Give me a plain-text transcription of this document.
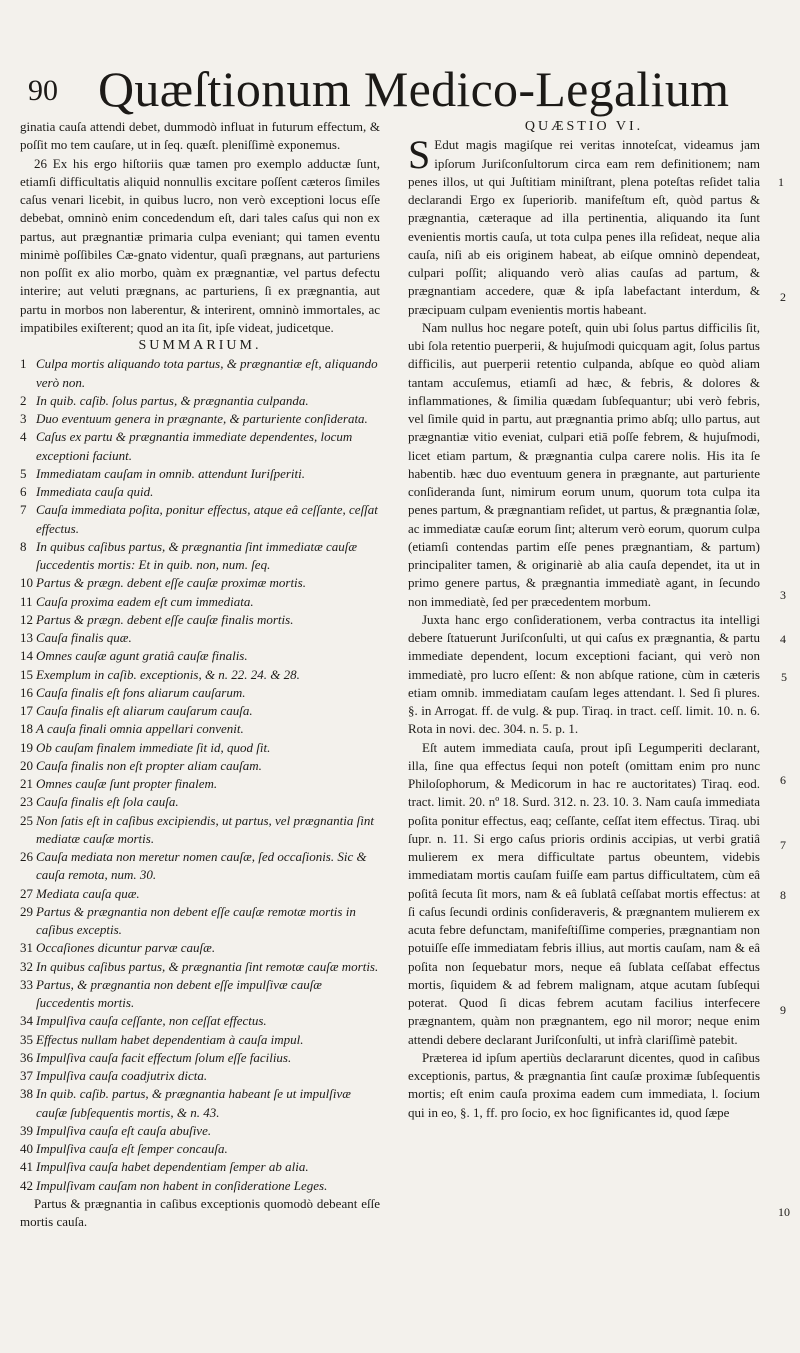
90 Quæſtionum Medico-Legalium

ginatia cauſa attendi debet, dummodò influat in futurum effectum, & poſſit mo tem cauſare, ut in ſeq. quæſt. pleniſſimè exponemus.

26 Ex his ergo hiſtoriis quæ tamen pro exemplo adductæ ſunt, etiamſi difficultatis aliquid nonnullis excitare poſſent cæteros ſimiles caſus venari licebit, in quibus lucro, non verò exceptioni locus eſſe debebat, omninò enim concedendum eſt, dari tales caſus qui non ex partus, aut prægnantiæ primaria culpa eveniant; qui tamen eventu minimè poſſibiles Cæ-gnato videntur, quaſi prægnans, aut parturiens non poſſit ex alio morbo, quàm ex prægnantiæ, vel partus defectu interire; aut veluti prægnans, ac parturiens, ſi ex prægnantia, aut partu in morbos non laberentur, & interirent, omninò immortales, ac impatibiles exiſterent; quod an ita ſit, ipſe videat, judicetque.

SUMMARIUM.

1 Culpa mortis aliquando tota partus, & prægnantiæ eſt, aliquando verò non.
2 In quib. caſib. ſolus partus, & prægnantia culpanda.
3 Duo eventuum genera in prægnante, & parturiente conſiderata.
4 Caſus ex partu & prægnantia immediate dependentes, locum exceptioni faciunt.
5 Immediatam cauſam in omnib. attendunt Iuriſperiti.
6 Immediata cauſa quid.
7 Cauſa immediata poſita, ponitur effectus, atque eâ ceſſante, ceſſat effectus.
8 In quibus caſibus partus, & prægnantia ſint immediatæ cauſæ ſuccedentis mortis: Et in quib. non, num. ſeq.
10 Partus & prægn. debent eſſe cauſæ proximæ mortis.
11 Cauſa proxima eadem eſt cum immediata.
12 Partus & prægn. debent eſſe cauſæ finalis mortis.
13 Cauſa finalis quæ.
14 Omnes cauſæ agunt gratiâ cauſæ finalis.
15 Exemplum in caſib. exceptionis, & n. 22. 24. & 28.
16 Cauſa finalis eſt fons aliarum cauſarum.
17 Cauſa finalis eſt aliarum cauſarum cauſa.
18 A cauſa finali omnia appellari convenit.
19 Ob cauſam finalem immediate ſit id, quod ſit.
20 Cauſa finalis non eſt propter aliam cauſam.
21 Omnes cauſæ ſunt propter finalem.
23 Cauſa finalis eſt ſola cauſa.
25 Non ſatis eſt in caſibus excipiendis, ut partus, vel prægnantia ſint mediatæ cauſæ mortis.
26 Cauſa mediata non meretur nomen cauſæ, ſed occaſionis. Sic & cauſa remota, num. 30.
27 Mediata cauſa quæ.
29 Partus & prægnantia non debent eſſe cauſæ remotæ mortis in caſibus exceptis.
31 Occaſiones dicuntur parvæ cauſæ.
32 In quibus caſibus partus, & prægnantia ſint remotæ cauſæ mortis.
33 Partus, & prægnantia non debent eſſe impulſivæ cauſæ ſuccedentis mortis.
34 Impulſiva cauſa ceſſante, non ceſſat effectus.
35 Effectus nullam habet dependentiam à cauſa impul.
36 Impulſiva cauſa facit effectum ſolum eſſe facilius.
37 Impulſiva cauſa coadjutrix dicta.
38 In quib. caſib. partus, & prægnantia habeant ſe ut impulſivæ cauſæ ſubſequentis mortis, & n. 43.
39 Impulſiva cauſa eſt cauſa abuſive.
40 Impulſiva cauſa eſt ſemper concauſa.
41 Impulſiva cauſa habet dependentiam ſemper ab alia.
42 Impulſivam cauſam non habent in conſideratione Leges.

Partus & prægnantia in caſibus exceptionis quomodò debeant eſſe mortis cauſa.

QUÆSTIO VI.

S Edut magis magiſque rei veritas innoteſcat, videamus jam ipſorum Juriſconſultorum circa eam rem definitionem; nam penes illos, ut qui Juſtitiam miniſtrant, plena poteſtas reſidet talia declarandi Ergo ex ſuperiorib. manifeſtum eſt, quòd partus & prægnantia, cæteraque ad illa pertinentia, aliquando ita ſunt evenientis mortis cauſa, ut tota culpa penes illa reſideat, neque alia cauſa, niſi ab eis originem habeat, ab eiſque omninò dependeat, culpari poſſit; aliquando verò alias cauſas ad partum, & prægnantiam accedere, quæ & ipſa labefactant interdum, & præcipuam culpam evenientis mortis habeant.

Nam nullus hoc negare poteſt, quin ubi ſolus partus difficilis ſit, ubi ſola retentio puerperii, & hujuſmodi quicquam agit, ſolus partus difficilis, aut puerperii retentio culpanda, abſque eo quòd aliam tantam accuſemus, etiamſi ad hæc, & febris, & dolores & inflammationes, & ſimilia quædam ſubſequantur; ubi verò febris, vel ſimile quid in partu, aut prægnantia primo abſq; ullo partus, aut prægnantiæ vitio eveniat, culpari etiā poſſe febrem, & hujuſmodi, licet etiam partum, & prægnantia culpa carere nolis. His ita ſe habentib. hæc duo eventuum genera in prægnante, aut parturiente conſideranda ſunt, nimirum eorum unum, quorum tota culpa ita penes partum, & prægnantiam reſidet, ut partus, & prægnantia ſolæ, ac immediatæ cauſæ eorum ſint; alterum verò eorum, quorum culpa (etiamſi contendas partim eſſe penes prægnantiam, & partum) principaliter tamen, & originariè ab alia cauſa dependet, ita ut in primo genere partus, & prægnantia immediatè agant, in ſecundo non immediatè, ſed per præcedentem morbum.

Juxta hanc ergo conſiderationem, verba contractus ita intelligi debere ſtatuerunt Juriſconſulti, ut qui caſus ex prægnantia, & partu immediate dependent, locum exceptioni faciant, qui verò non immediatè, pro lucro eſſent: & non abſque ratione, cùm in cæteris etiam omnib. immediatam cauſam leges attendant. l. Sed ſi plures. §. in Arrogat. ff. de vulg. & pup. Tiraq. in tract. ceſſ. limit. 10. n. 6. Rota in novi. dec. 304. n. 5. p. 1.

Eſt autem immediata cauſa, prout ipſi Legumperiti declarant, illa, ſine qua effectus ſequi non poteſt (omittam enim pro nunc Philoſophorum, & Medicorum in hac re auctoritates) Tiraq. eod. tract. limit. 20. nº 18. Surd. 312. n. 23. 10. 3. Nam cauſa immediata poſita ponitur effectus, eaq; ceſſante, ceſſat item effectus. Tiraq. ubi ſupr. n. 11. Si ergo caſus prioris ordinis accipias, ut verbi gratiâ mulierem ex mera difficultate partus obeuntem, videbis immediatam mortis cauſam fuiſſe eam partus difficultatem, cùm eâ poſitâ ſecuta ſit mors, nam & eâ ſublatâ ceſſabat mortis effectus: at ſi caſus ſecundi ordinis conſideraveris, & prægnantem mulierem ex acuta febre defunctam, manifeſtiſſime comperies, prægnantiam non potuiſſe eſſe immediatam febris illius, aut mortis cauſam, nam & eâ poſita non ſequebatur mors, neque eâ ſublata ceſſabat effectus mortis, ſiquidem & ad febrem malignam, atque acutam ſubſequi poterat. Quod ſi dicas febrem acutam facilius interfecere prægnantem, quàm non prægnantem, ego nil moror; neque enim attendi debere declarant Juriſconſulti, ut infrà clariſſimè patebit.

Præterea id ipſum apertiùs declararunt dicentes, quod in caſibus exceptionis, partus, & prægnantia ſint cauſæ proximæ ſubſequentis mortis; eſt enim cauſa proxima eadem cum immediata, l. ſocium qui in eo, §. 1, ff. pro ſocio, ex hoc ſignificantes id, quod ſæpe

1
2
3
4
5
6
7
8
9
10
